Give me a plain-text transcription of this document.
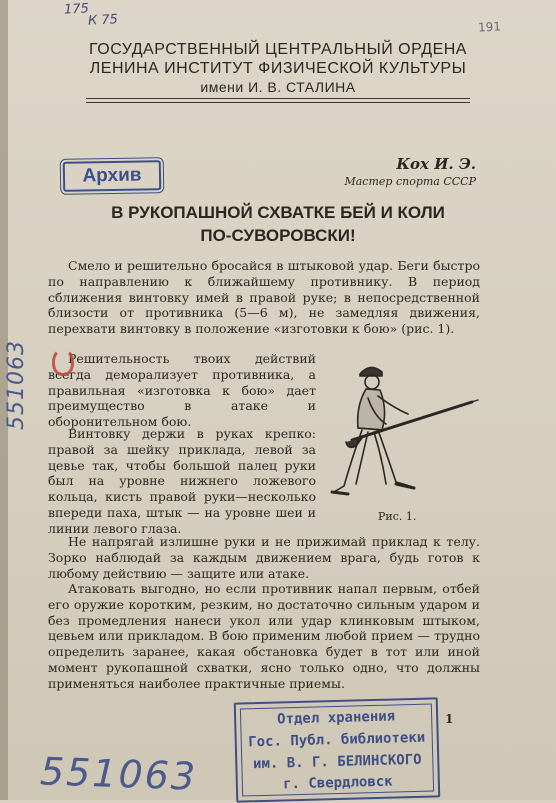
175
К 75	191
ГОСУДАРСТВЕННЫЙ ЦЕНТРАЛЬНЫЙ ОРДЕНА
ЛЕНИНА ИНСТИТУТ ФИЗИЧЕСКОЙ КУЛЬТУРЫ
имени И. В. СТАЛИНА
Архив
Кох И. Э.
Мастер спорта СССР
В РУКОПАШНОЙ СХВАТКЕ БЕЙ И КОЛИ
ПО-СУВОРОВСКИ!
Смело и решительно бросайся в штыковой удар. Беги быстро по направлению к ближайшему противнику. В период сближения винтовку имей в правой руке; в непосредственной близости от противника (5—6 м), не замедляя движения, перехвати винтовку в положение «изготовки к бою» (рис. 1).
Решительность твоих действий всегда деморализует противника, а правильная «изготовка к бою» дает преимущество в атаке и оборонительном бою.
Винтовку держи в руках крепко: правой за шейку приклада, левой за цевье так, чтобы большой палец руки был на уровне нижнего ложевого кольца, кисть правой руки—несколько впереди паха, штык — на уровне шеи и линии левого глаза.
Не напрягай излишне руки и не прижимай приклад к телу. Зорко наблюдай за каждым движением врага, будь готов к любому действию — защите или атаке.
Атаковать выгодно, но если противник напал первым, отбей его оружие коротким, резким, но достаточно сильным ударом и без промедления нанеси укол или удар клинковым штыком, цевьем или прикладом. В бою применим любой прием — трудно определить заранее, какая обстановка будет в тот или иной момент рукопашной схватки, ясно только одно, что должны применяться наиболее практичные приемы.
Рис. 1.
551063
551063
1
Отдел хранения
Гос. Публ. библиотеки
им. В. Г. БЕЛИНСКОГО
г. Свердловск
